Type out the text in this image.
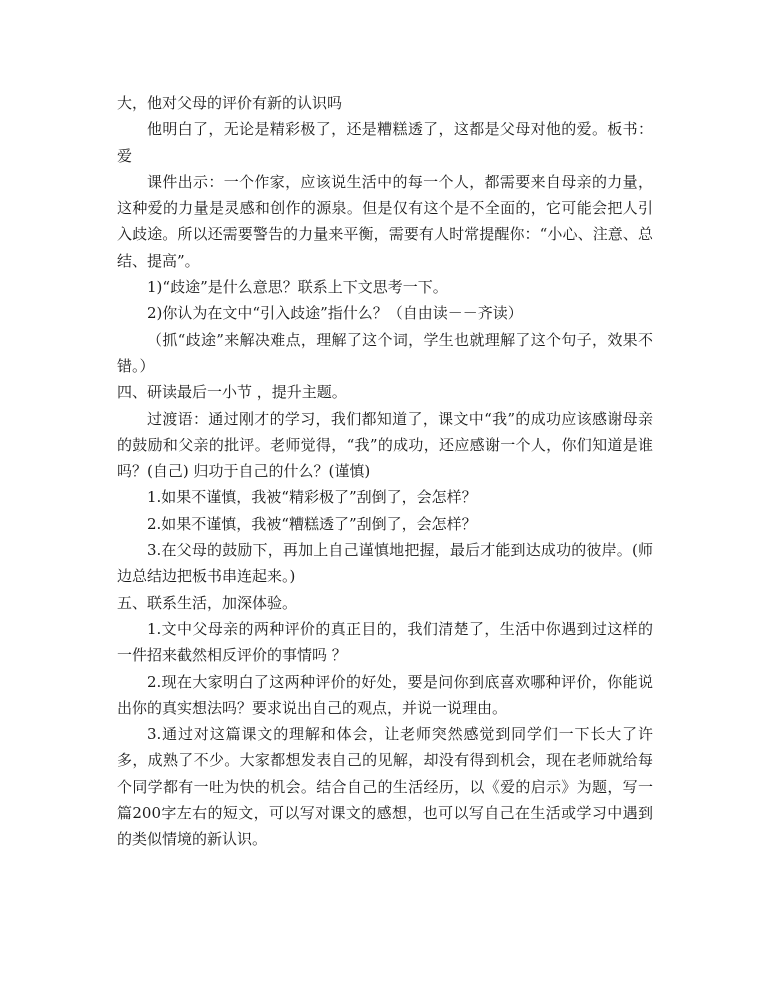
大，他对父母的评价有新的认识吗

他明白了，无论是精彩极了，还是糟糕透了，这都是父母对他的爱。板书：爱

课件出示：一个作家，应该说生活中的每一个人，都需要来自母亲的力量，这种爱的力量是灵感和创作的源泉。但是仅有这个是不全面的，它可能会把人引入歧途。所以还需要警告的力量来平衡，需要有人时常提醒你：“小心、注意、总结、提高”。

1)“歧途”是什么意思？联系上下文思考一下。

2)你认为在文中“引入歧途”指什么？（自由读－－齐读）

（抓“歧途”来解决难点，理解了这个词，学生也就理解了这个句子，效果不错。）

四、研读最后一小节 ，提升主题。

过渡语：通过刚才的学习，我们都知道了，课文中“我”的成功应该感谢母亲的鼓励和父亲的批评。老师觉得，“我”的成功，还应感谢一个人，你们知道是谁吗？(自己) 归功于自己的什么？(谨慎)

1.如果不谨慎，我被“精彩极了”刮倒了，会怎样？

2.如果不谨慎，我被“糟糕透了”刮倒了，会怎样？

3.在父母的鼓励下，再加上自己谨慎地把握，最后才能到达成功的彼岸。(师边总结边把板书串连起来。)

五、联系生活，加深体验。

1.文中父母亲的两种评价的真正目的，我们清楚了，生活中你遇到过这样的一件招来截然相反评价的事情吗 ？

2.现在大家明白了这两种评价的好处，要是问你到底喜欢哪种评价，你能说出你的真实想法吗？要求说出自己的观点，并说一说理由。

3.通过对这篇课文的理解和体会，让老师突然感觉到同学们一下长大了许多，成熟了不少。大家都想发表自己的见解，却没有得到机会，现在老师就给每个同学都有一吐为快的机会。结合自己的生活经历，以《爱的启示》为题，写一篇200字左右的短文，可以写对课文的感想，也可以写自己在生活或学习中遇到的类似情境的新认识。
